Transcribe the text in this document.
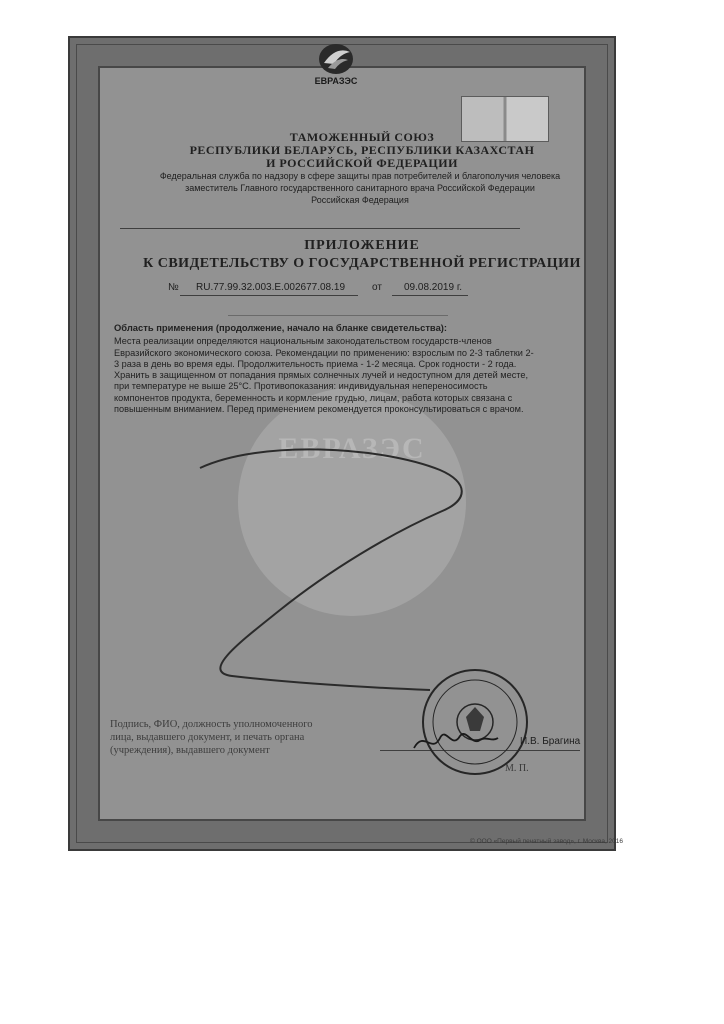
ЕВРАЗЭС
ТАМОЖЕННЫЙ СОЮЗ
РЕСПУБЛИКИ БЕЛАРУСЬ, РЕСПУБЛИКИ КАЗАХСТАН
И РОССИЙСКОЙ ФЕДЕРАЦИИ
Федеральная служба по надзору в сфере защиты прав потребителей и благополучия человека
заместитель Главного государственного санитарного врача Российской Федерации
Российская Федерация
ПРИЛОЖЕНИЕ
К СВИДЕТЕЛЬСТВУ О ГОСУДАРСТВЕННОЙ РЕГИСТРАЦИИ
№ RU.77.99.32.003.Е.002677.08.19	от 09.08.2019 г.
ЕВРАЗЭС
Область применения (продолжение, начало на бланке свидетельства):
Места реализации определяются национальным законодательством государств-членов
Евразийского экономического союза. Рекомендации по применению: взрослым по 2-3 таблетки 2-
3 раза в день во время еды. Продолжительность приема - 1-2 месяца. Срок годности - 2 года.
Хранить в защищенном от попадания прямых солнечных лучей и недоступном для детей месте,
при температуре не выше 25°С. Противопоказания: индивидуальная непереносимость
компонентов продукта, беременность и кормление грудью, лицам, работа которых связана с
повышенным вниманием. Перед применением рекомендуется проконсультироваться с врачом.
Подпись, ФИО, должность уполномоченного
лица, выдавшего документ, и печать органа
(учреждения), выдавшего документ
И.В. Брагина
М. П.
© ООО «Первый печатный завод», г. Москва, 2016
